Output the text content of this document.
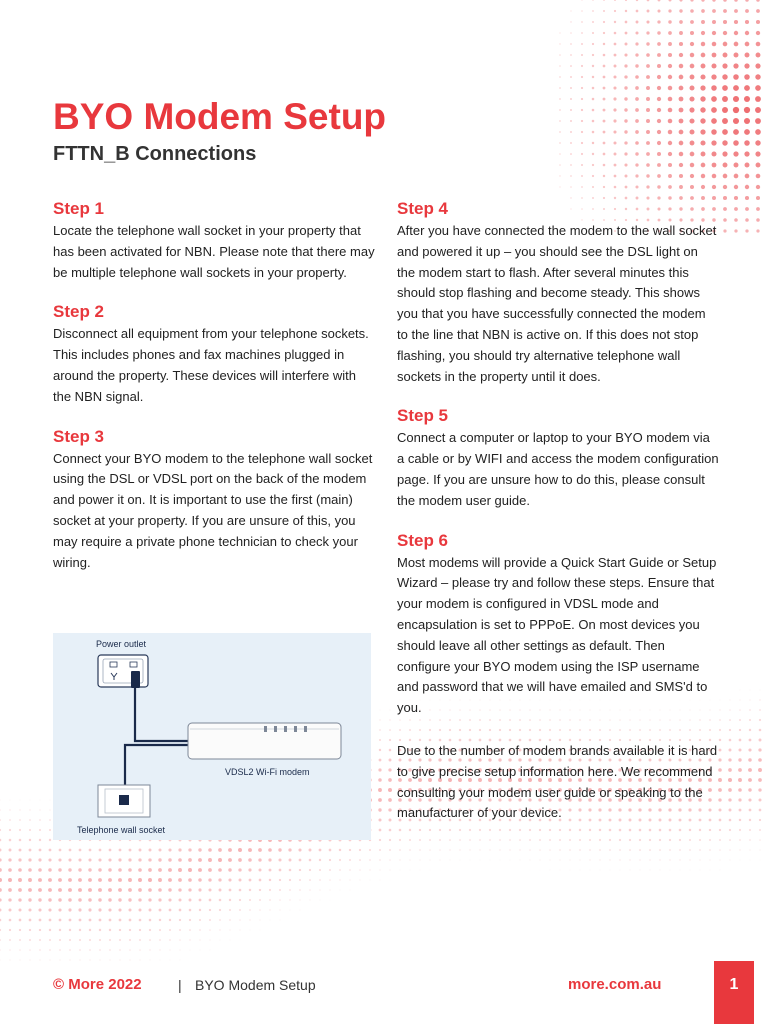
BYO Modem Setup
FTTN_B Connections
Step 1

Locate the telephone wall socket in your property that has been activated for NBN. Please note that there may be multiple telephone wall sockets in your property.

Step 2

Disconnect all equipment from your telephone sockets. This includes phones and fax machines plugged in around the property. These devices will interfere with the NBN signal.

Step 3

Connect your BYO modem to the telephone wall socket using the DSL or VDSL port on the back of the modem and power it on. It is important to use the first (main) socket at your property. If you are unsure of this, you may require a private phone technician to check your wiring.

Step 4

After you have connected the modem to the wall socket and powered it up – you should see the DSL light on the modem start to flash. After several minutes this should stop flashing and become steady. This shows you that you have successfully connected the modem to the line that NBN is active on. If this does not stop flashing, you should try alternative telephone wall sockets in the property until it does.

Step 5

Connect a computer or laptop to your BYO modem via a cable or by WIFI and access the modem configuration page. If you are unsure how to do this, please consult the modem user guide.

Step 6

Most modems will provide a Quick Start Guide or Setup Wizard – please try and follow these steps. Ensure that your modem is configured in VDSL mode and encapsulation is set to PPPoE. On most devices you should leave all other settings as default. Then configure your BYO modem using the ISP username and password that we will have emailed and SMS'd to you.

Due to the number of modem brands available it is hard to give precise setup information here. We recommend consulting your modem user guide or speaking to the manufacturer of your device.

Power outlet
VDSL2 Wi-Fi modem
Telephone wall socket
© More 2022	| BYO Modem Setup	more.com.au	1
